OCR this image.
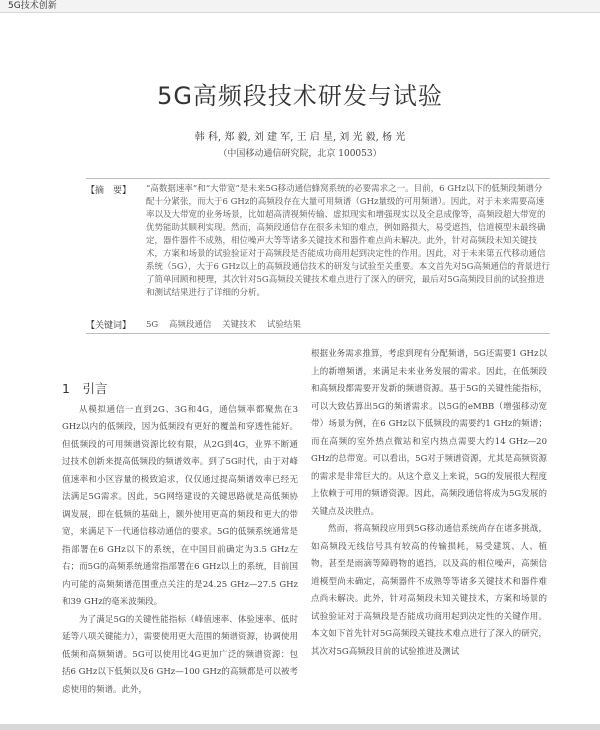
5G技术创新
5G高频段技术研发与试验
韩 科, 郑 毅, 刘 建 军, 王 启 星, 刘 光 毅, 杨 光
（中国移动通信研究院，北京 100053）
【摘　要】 “高数据速率”和“大带宽”是未来5G移动通信蜂窝系统的必要需求之一。目前，6 GHz以下的低频段频谱分配十分紧张，而大于6 GHz的高频段存在大量可用频谱（GHz量级的可用频谱）。因此，对于未来需要高速率以及大带宽的业务场景，比如超高清视频传输、虚拟现实和增强现实以及全息成像等，高频段超大带宽的优势能助其顺利实现。然而，高频段通信存在很多未知的难点，例如路损大，易受遮挡，信道模型未最终确定，器件器件不成熟，相位噪声大等等诸多关键技术和器件难点尚未解决。此外，针对高频段未知关键技术，方案和场景的试验验证对于高频段是否能成功商用起到决定性的作用。因此，对于未来第五代移动通信系统（5G），大于6 GHz以上的高频段通信技术的研发与试验至关重要。本文首先对5G高频通信的背景进行了简单回顾和梗理，其次针对5G高频段关键技术难点进行了深入的研究，最后对5G高频段目前的试验推进和测试结果进行了详细的分析。
【关键词】 5G 高频段通信 关键技术 试验结果
1　引言

从模拟通信一直到2G、3G和4G，通信频率都聚焦在3 GHz以内的低频段，因为低频段有更好的覆盖和穿透性能好。但低频段的可用频谱资源比较有限，从2G到4G，业界不断通过技术创新来提高低频段的频谱效率。到了5G时代，由于对峰值速率和小区容量的极致追求，仅仅通过提高频谱效率已经无法满足5G需求。因此，5G网络建设的关键思路就是高低频协调发展，即在低频的基础上，额外使用更高的频段和更大的带宽，来满足下一代通信移动通信的要求。5G的低频系统通常是指部署在6 GHz以下的系统，在中国目前确定为3.5 GHz左右；而5G的高频系统通常指部署在6 GHz以上的系统，目前国内可能的高频频谱范围重点关注的是24.25 GHz—27.5 GHz和39 GHz的毫米波频段。

为了满足5G的关键性能指标（峰值速率、体验速率、低时延等八项关键能力），需要使用更大范围的频谱资源，协调使用低频和高频频谱。5G可以使用比4G更加广泛的频谱资源：包括6 GHz以下低频以及6 GHz—100 GHz的高频都是可以被考虑使用的频谱。此外，

根据业务需求推算，考虑到现有分配频谱，5G还需要1 GHz以上的新增频谱，来满足未来业务发展的需求。因此，在低频段和高频段都需要开发新的频谱资源。基于5G的关键性能指标，可以大致估算出5G的频谱需求。以5G的eMBB（增强移动宽带）场景为例，在6 GHz以下低频段的需要约1 GHz的频谱；而在高频的室外热点微站和室内热点需要大约14 GHz—20 GHz的总带宽。可以看出，5G对于频谱资源，尤其是高频资源的需求是非常巨大的。从这个意义上来说，5G的发展很大程度上依赖于可用的频谱资源。因此，高频段通信将成为5G发展的关键点及决胜点。

然而，将高频段应用到5G移动通信系统尚存在诸多挑战，如高频段无线信号具有较高的传输损耗，易受建筑、人、植物，甚至是雨滴等障碍物的遮挡，以及高的相位噪声，高频信道模型尚未确定，高频器件不成熟等等诸多关键技术和器件难点尚未解决。此外，针对高频段未知关键技术，方案和场景的试验验证对于高频段是否能成功商用起到决定性的关键作用。本文如下首先针对5G高频段关键技术难点进行了深入的研究，其次对5G高频段目前的试验推进及测试
